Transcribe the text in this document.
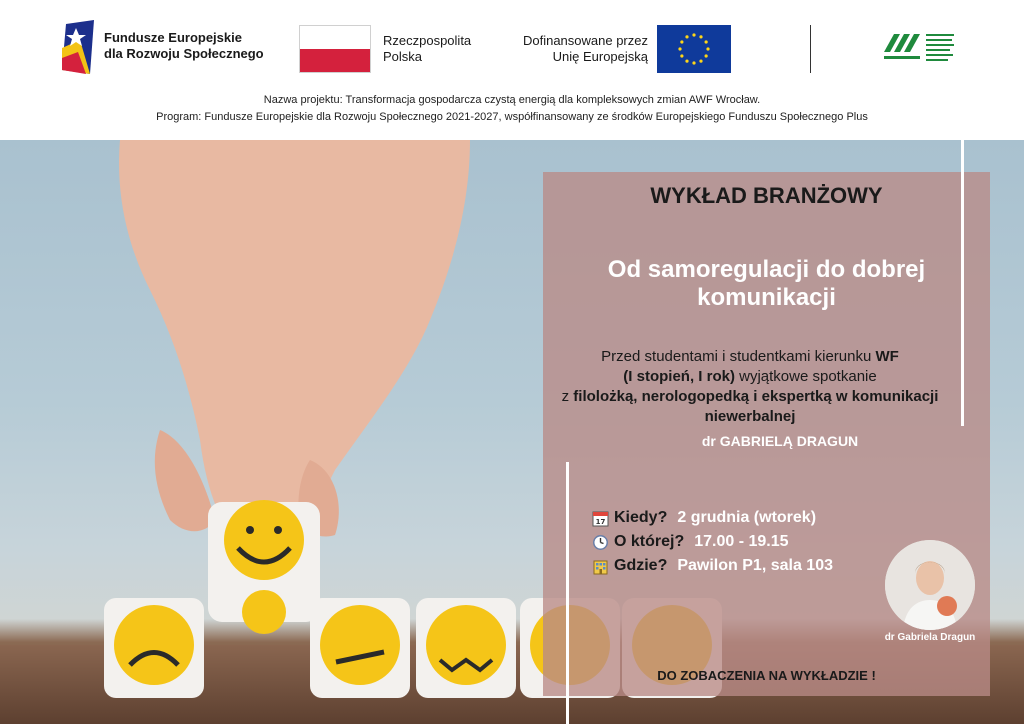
Fundusze Europejskie
dla Rozwoju Społecznego
Rzeczpospolita
Polska
Dofinansowane przez
Unię Europejską
Nazwa projektu: Transformacja gospodarcza czystą energią dla kompleksowych zmian AWF Wrocław.
Program: Fundusze Europejskie dla Rozwoju Społecznego 2021-2027, współfinansowany ze środków Europejskiego Funduszu Społecznego Plus
WYKŁAD BRANŻOWY
Od samoregulacji do dobrej
komunikacji
Przed studentami i studentkami kierunku WF
(I stopień, I rok) wyjątkowe spotkanie
z filolożką, nerologopedką i ekspertką w komunikacji niewerbalnej
dr GABRIELĄ DRAGUN
17 Kiedy? 2 grudnia (wtorek)
O której? 17.00 - 19.15
Gdzie? Pawilon P1, sala 103
dr Gabriela Dragun
DO ZOBACZENIA NA WYKŁADZIE !
